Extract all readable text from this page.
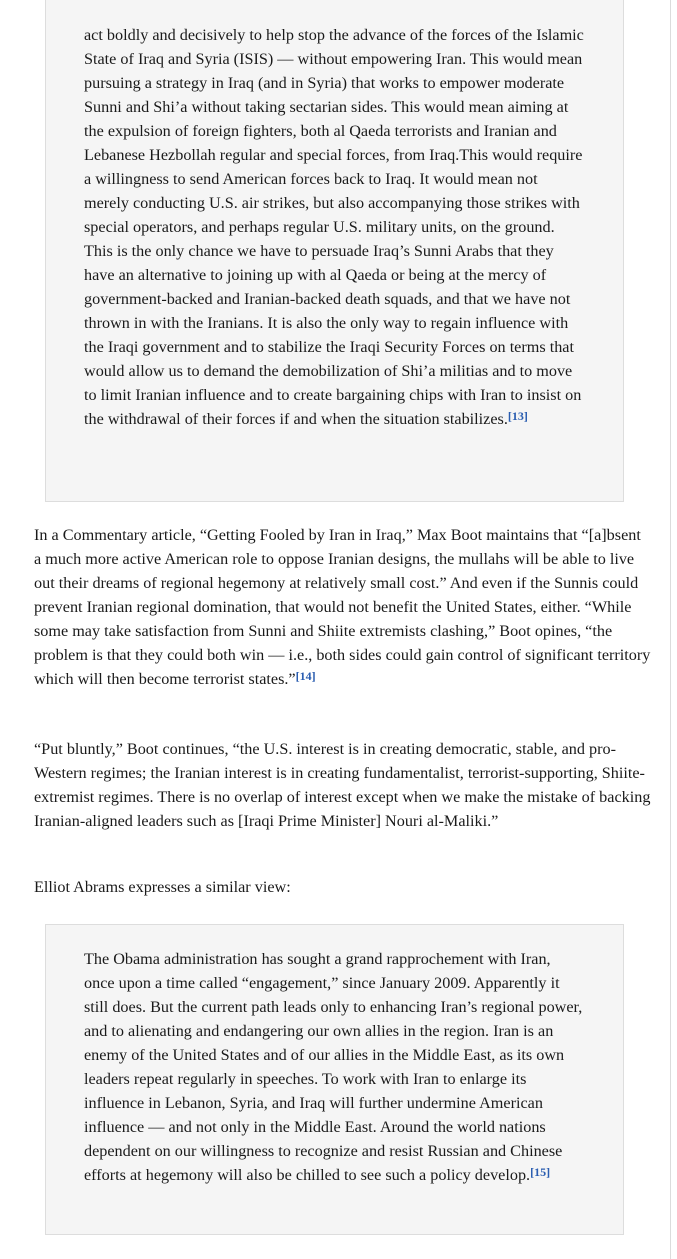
act boldly and decisively to help stop the advance of the forces of the Islamic State of Iraq and Syria (ISIS) — without empowering Iran. This would mean pursuing a strategy in Iraq (and in Syria) that works to empower moderate Sunni and Shi’a without taking sectarian sides. This would mean aiming at the expulsion of foreign fighters, both al Qaeda terrorists and Iranian and Lebanese Hezbollah regular and special forces, from Iraq.This would require a willingness to send American forces back to Iraq. It would mean not merely conducting U.S. air strikes, but also accompanying those strikes with special operators, and perhaps regular U.S. military units, on the ground. This is the only chance we have to persuade Iraq’s Sunni Arabs that they have an alternative to joining up with al Qaeda or being at the mercy of government-backed and Iranian-backed death squads, and that we have not thrown in with the Iranians. It is also the only way to regain influence with the Iraqi government and to stabilize the Iraqi Security Forces on terms that would allow us to demand the demobilization of Shi’a militias and to move to limit Iranian influence and to create bargaining chips with Iran to insist on the withdrawal of their forces if and when the situation stabilizes.[13]

In a Commentary article, “Getting Fooled by Iran in Iraq,” Max Boot maintains that “[a]bsent a much more active American role to oppose Iranian designs, the mullahs will be able to live out their dreams of regional hegemony at relatively small cost.” And even if the Sunnis could prevent Iranian regional domination, that would not benefit the United States, either. “While some may take satisfaction from Sunni and Shiite extremists clashing,” Boot opines, “the problem is that they could both win — i.e., both sides could gain control of significant territory which will then become terrorist states.”[14]

“Put bluntly,” Boot continues, “the U.S. interest is in creating democratic, stable, and pro-Western regimes; the Iranian interest is in creating fundamentalist, terrorist-supporting, Shiite-extremist regimes. There is no overlap of interest except when we make the mistake of backing Iranian-aligned leaders such as [Iraqi Prime Minister] Nouri al-Maliki.”

Elliot Abrams expresses a similar view:

The Obama administration has sought a grand rapprochement with Iran, once upon a time called “engagement,” since January 2009. Apparently it still does. But the current path leads only to enhancing Iran’s regional power, and to alienating and endangering our own allies in the region. Iran is an enemy of the United States and of our allies in the Middle East, as its own leaders repeat regularly in speeches. To work with Iran to enlarge its influence in Lebanon, Syria, and Iraq will further undermine American influence — and not only in the Middle East. Around the world nations dependent on our willingness to recognize and resist Russian and Chinese efforts at hegemony will also be chilled to see such a policy develop.[15]
